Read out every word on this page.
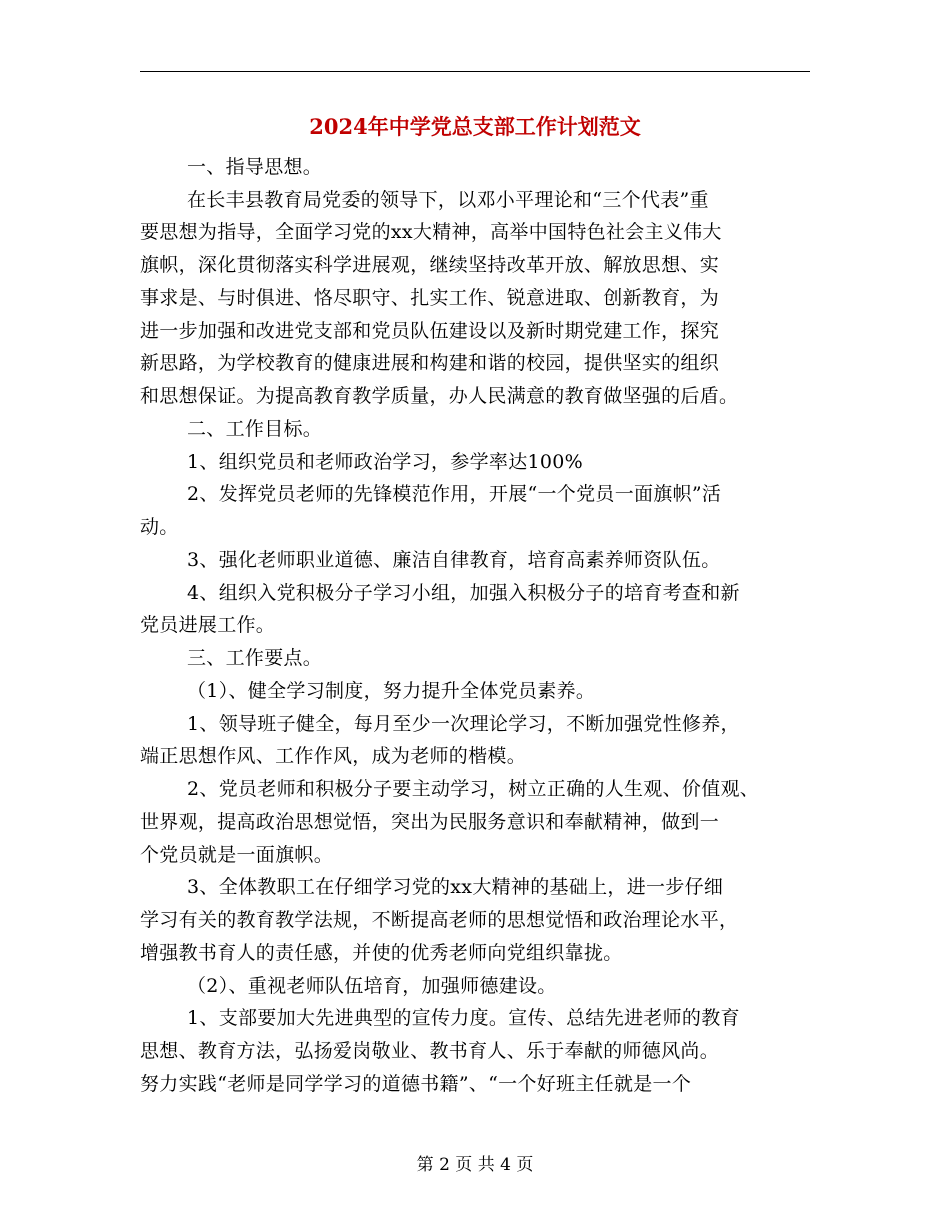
2024年中学党总支部工作计划范文
一、指导思想。
在长丰县教育局党委的领导下，以邓小平理论和“三个代表”重
要思想为指导，全面学习党的xx大精神，高举中国特色社会主义伟大
旗帜，深化贯彻落实科学进展观，继续坚持改革开放、解放思想、实
事求是、与时俱进、恪尽职守、扎实工作、锐意进取、创新教育，为
进一步加强和改进党支部和党员队伍建设以及新时期党建工作，探究
新思路，为学校教育的健康进展和构建和谐的校园，提供坚实的组织
和思想保证。为提高教育教学质量，办人民满意的教育做坚强的后盾。
二、工作目标。
1、组织党员和老师政治学习，参学率达100%
2、发挥党员老师的先锋模范作用，开展“一个党员一面旗帜”活
动。
3、强化老师职业道德、廉洁自律教育，培育高素养师资队伍。
4、组织入党积极分子学习小组，加强入积极分子的培育考查和新
党员进展工作。
三、工作要点。
（1）、健全学习制度，努力提升全体党员素养。
1、领导班子健全，每月至少一次理论学习，不断加强党性修养，
端正思想作风、工作作风，成为老师的楷模。
2、党员老师和积极分子要主动学习，树立正确的人生观、价值观、
世界观，提高政治思想觉悟，突出为民服务意识和奉献精神，做到一
个党员就是一面旗帜。
3、全体教职工在仔细学习党的xx大精神的基础上，进一步仔细
学习有关的教育教学法规，不断提高老师的思想觉悟和政治理论水平，
增强教书育人的责任感，并使的优秀老师向党组织靠拢。
（2）、重视老师队伍培育，加强师德建设。
1、支部要加大先进典型的宣传力度。宣传、总结先进老师的教育
思想、教育方法，弘扬爱岗敬业、教书育人、乐于奉献的师德风尚。
努力实践“老师是同学学习的道德书籍”、“一个好班主任就是一个
第 2 页 共 4 页
